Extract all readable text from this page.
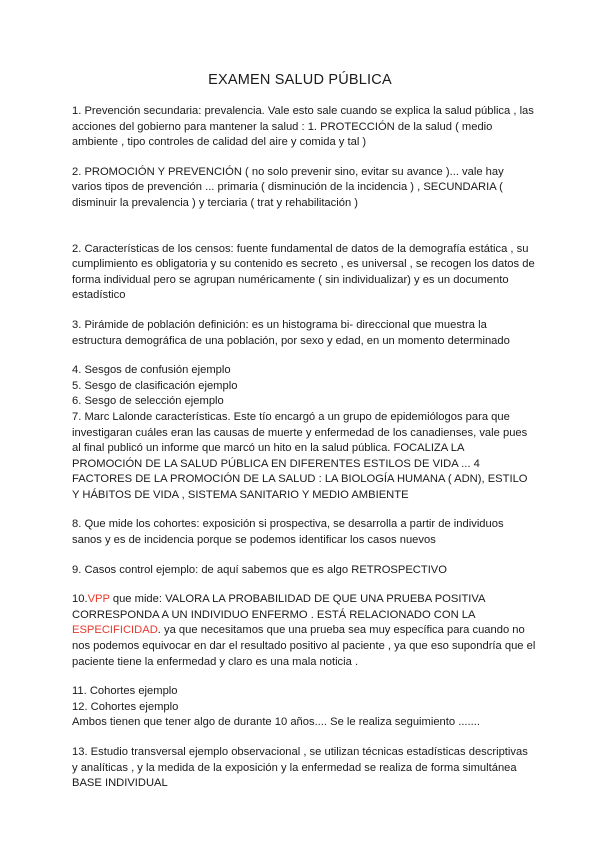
EXAMEN SALUD PÚBLICA

1. Prevención secundaria: prevalencia. Vale esto sale cuando se explica la salud pública , las acciones del gobierno para mantener la salud : 1. PROTECCIÓN de la salud ( medio ambiente , tipo controles de calidad del aire y comida y tal )

2. PROMOCIÓN Y PREVENCIÓN ( no solo prevenir sino, evitar su avance )... vale hay varios tipos de prevención ... primaria ( disminución de la incidencia ) , SECUNDARIA ( disminuir la prevalencia ) y terciaria ( trat y rehabilitación )

2. Características de los censos: fuente fundamental de datos de la demografía estática , su cumplimiento es obligatoria y su contenido es secreto , es universal , se recogen los datos de forma individual pero se agrupan numéricamente ( sin individualizar) y es un documento estadístico

3. Pirámide de población definición: es un histograma bi- direccional que muestra la estructura demográfica de una población, por sexo y edad, en un momento determinado

4. Sesgos de confusión ejemplo
5. Sesgo de clasificación ejemplo
6. Sesgo de selección ejemplo
7. Marc Lalonde características. Este tío encargó a un grupo de epidemiólogos para que investigaran cuáles eran las causas de muerte y enfermedad de los canadienses, vale pues al final publicó un informe que marcó un hito en la salud pública. FOCALIZA LA PROMOCIÓN DE LA SALUD PÚBLICA EN DIFERENTES ESTILOS DE VIDA ... 4 FACTORES DE LA PROMOCIÓN DE LA SALUD : LA BIOLOGÍA HUMANA ( ADN), ESTILO Y HÁBITOS DE VIDA , SISTEMA SANITARIO Y MEDIO AMBIENTE

8. Que mide los cohortes: exposición si prospectiva, se desarrolla a partir de individuos sanos y es de incidencia porque se podemos identificar los casos nuevos

9. Casos control ejemplo: de aquí sabemos que es algo RETROSPECTIVO

10.VPP que mide: VALORA LA PROBABILIDAD DE QUE UNA PRUEBA POSITIVA CORRESPONDA A UN INDIVIDUO ENFERMO . ESTÁ RELACIONADO CON LA ESPECIFICIDAD. ya que necesitamos que una prueba sea muy específica para cuando no nos podemos equivocar en dar el resultado positivo al paciente , ya que eso supondría que el paciente tiene la enfermedad y claro es una mala noticia .

11. Cohortes ejemplo
12. Cohortes ejemplo
Ambos tienen que tener algo de durante 10 años.... Se le realiza seguimiento .......

13. Estudio transversal ejemplo observacional , se utilizan técnicas estadísticas descriptivas y analíticas , y la medida de la exposición y la enfermedad se realiza de forma simultánea BASE INDIVIDUAL
